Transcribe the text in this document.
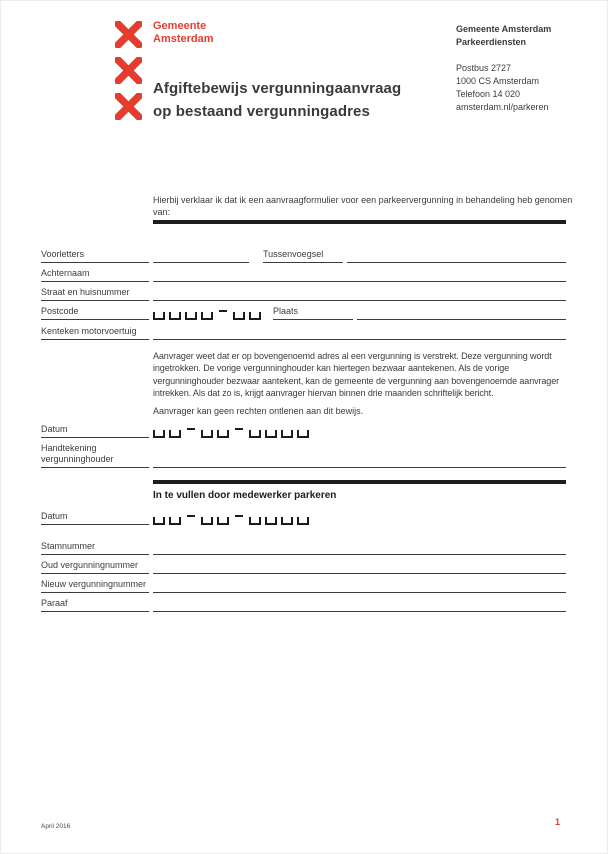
Gemeente
Amsterdam
Afgiftebewijs vergunningaanvraag
op bestaand vergunningadres
Gemeente Amsterdam
Parkeerdiensten
Postbus 2727
1000 CS Amsterdam
Telefoon 14 020
amsterdam.nl/parkeren
Hierbij verklaar ik dat ik een aanvraagformulier voor een parkeervergunning in behandeling heb genomen van:
Voorletters	Tussenvoegsel
Achternaam
Straat en huisnummer
Postcode	Plaats
Kenteken motorvoertuig
Aanvrager weet dat er op bovengenoemd adres al een vergunning is verstrekt. Deze vergunning wordt ingetrokken. De vorige vergunninghouder kan hiertegen bezwaar aantekenen. Als de vorige vergunninghouder bezwaar aantekent, kan de gemeente de vergunning aan bovengenoemde aanvrager intrekken. Als dat zo is, krijgt aanvrager hiervan binnen drie maanden schriftelijk bericht.
Aanvrager kan geen rechten ontlenen aan dit bewijs.
Datum
Handtekening
vergunninghouder
In te vullen door medewerker parkeren
Datum
Stamnummer
Oud vergunningnummer
Nieuw vergunningnummer
Paraaf
April 2016	1
